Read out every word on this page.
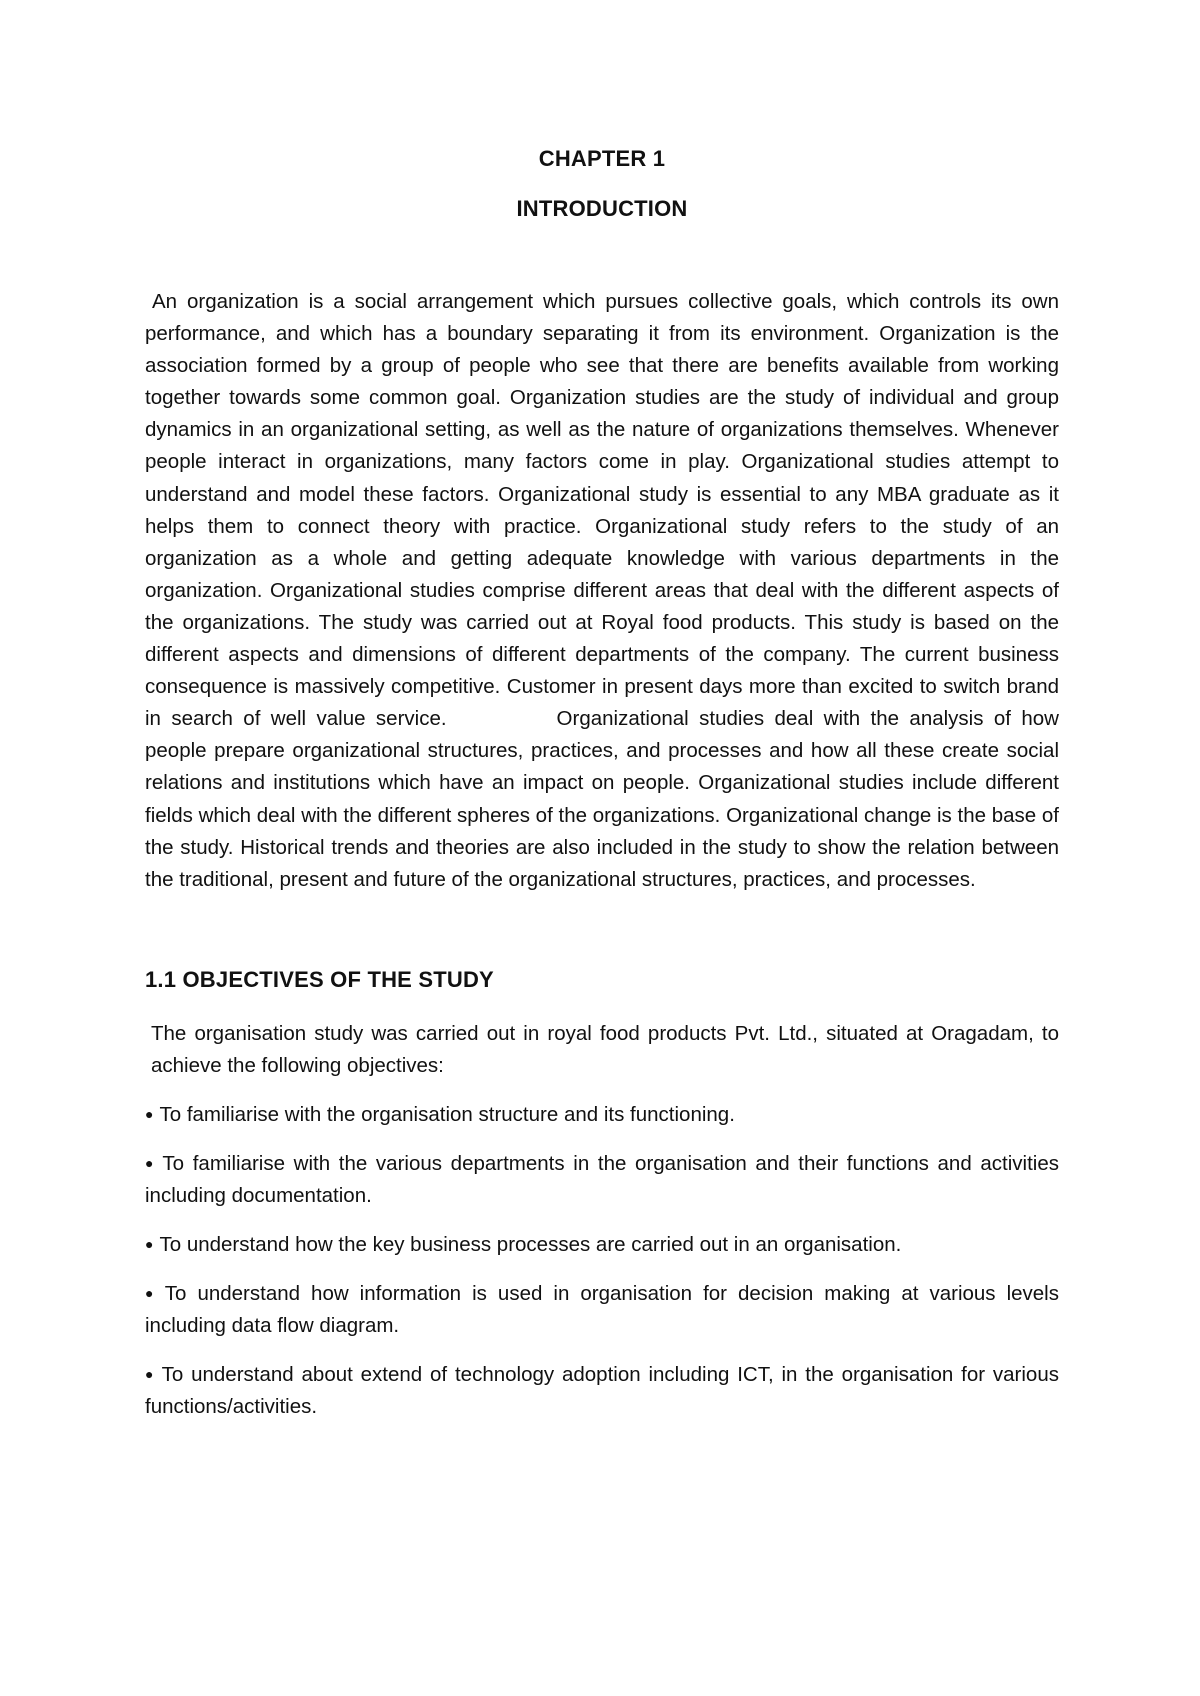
CHAPTER 1
INTRODUCTION

An organization is a social arrangement which pursues collective goals, which controls its own performance, and which has a boundary separating it from its environment. Organization is the association formed by a group of people who see that there are benefits available from working together towards some common goal. Organization studies are the study of individual and group dynamics in an organizational setting, as well as the nature of organizations themselves. Whenever people interact in organizations, many factors come in play. Organizational studies attempt to understand and model these factors. Organizational study is essential to any MBA graduate as it helps them to connect theory with practice. Organizational study refers to the study of an organization as a whole and getting adequate knowledge with various departments in the organization. Organizational studies comprise different areas that deal with the different aspects of the organizations. The study was carried out at Royal food products. This study is based on the different aspects and dimensions of different departments of the company. The current business consequence is massively competitive. Customer in present days more than excited to switch brand in search of well value service.	Organizational studies deal with the analysis of how people prepare organizational structures, practices, and processes and how all these create social relations and institutions which have an impact on people. Organizational studies include different fields which deal with the different spheres of the organizations. Organizational change is the base of the study. Historical trends and theories are also included in the study to show the relation between the traditional, present and future of the organizational structures, practices, and processes.

1.1 OBJECTIVES OF THE STUDY

The organisation study was carried out in royal food products Pvt. Ltd., situated at Oragadam, to achieve the following objectives:

● To familiarise with the organisation structure and its functioning.

● To familiarise with the various departments in the organisation and their functions and activities including documentation.

● To understand how the key business processes are carried out in an organisation.

● To understand how information is used in organisation for decision making at various levels including data flow diagram.

● To understand about extend of technology adoption including ICT, in the organisation for various functions/activities.
